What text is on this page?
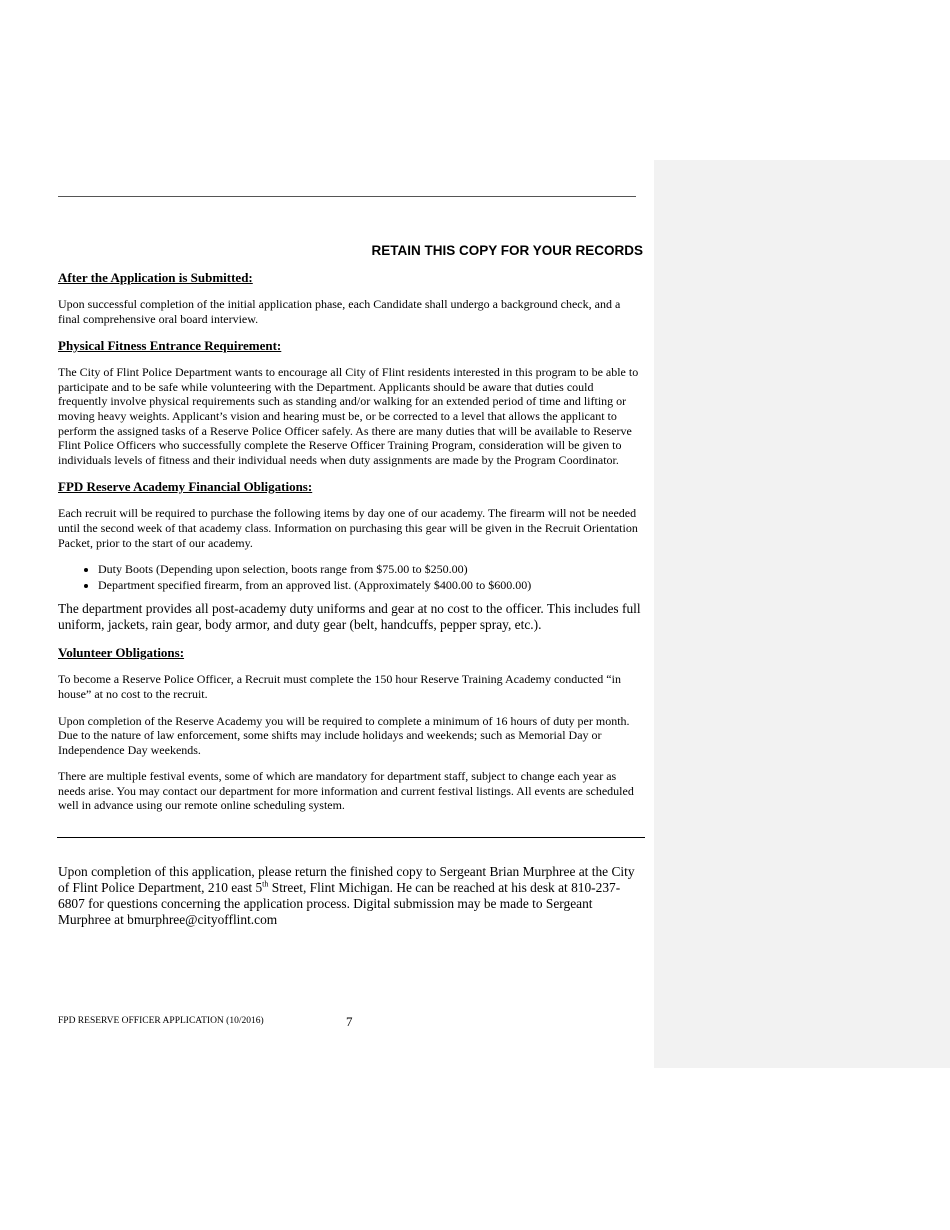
RETAIN THIS COPY FOR YOUR RECORDS
After the Application is Submitted:

Upon successful completion of the initial application phase, each Candidate shall undergo a background check, and a final comprehensive oral board interview.

Physical Fitness Entrance Requirement:

The City of Flint Police Department wants to encourage all City of Flint residents interested in this program to be able to participate and to be safe while volunteering with the Department. Applicants should be aware that duties could frequently involve physical requirements such as standing and/or walking for an extended period of time and lifting or moving heavy weights. Applicant’s vision and hearing must be, or be corrected to a level that allows the applicant to perform the assigned tasks of a Reserve Police Officer safely. As there are many duties that will be available to Reserve Flint Police Officers who successfully complete the Reserve Officer Training Program, consideration will be given to individuals levels of fitness and their individual needs when duty assignments are made by the Program Coordinator.

FPD Reserve Academy Financial Obligations:

Each recruit will be required to purchase the following items by day one of our academy. The firearm will not be needed until the second week of that academy class. Information on purchasing this gear will be given in the Recruit Orientation Packet, prior to the start of our academy.

• Duty Boots (Depending upon selection, boots range from $75.00 to $250.00)
• Department specified firearm, from an approved list. (Approximately $400.00 to $600.00)

The department provides all post-academy duty uniforms and gear at no cost to the officer. This includes full uniform, jackets, rain gear, body armor, and duty gear (belt, handcuffs, pepper spray, etc.).

Volunteer Obligations:

To become a Reserve Police Officer, a Recruit must complete the 150 hour Reserve Training Academy conducted “in house” at no cost to the recruit.

Upon completion of the Reserve Academy you will be required to complete a minimum of 16 hours of duty per month. Due to the nature of law enforcement, some shifts may include holidays and weekends; such as Memorial Day or Independence Day weekends.

There are multiple festival events, some of which are mandatory for department staff, subject to change each year as needs arise. You may contact our department for more information and current festival listings. All events are scheduled well in advance using our remote online scheduling system.

Upon completion of this application, please return the finished copy to Sergeant Brian Murphree at the City of Flint Police Department, 210 east 5th Street, Flint Michigan. He can be reached at his desk at 810-237-6807 for questions concerning the application process. Digital submission may be made to Sergeant Murphree at bmurphree@cityofflint.com

FPD RESERVE OFFICER APPLICATION (10/2016)	7
